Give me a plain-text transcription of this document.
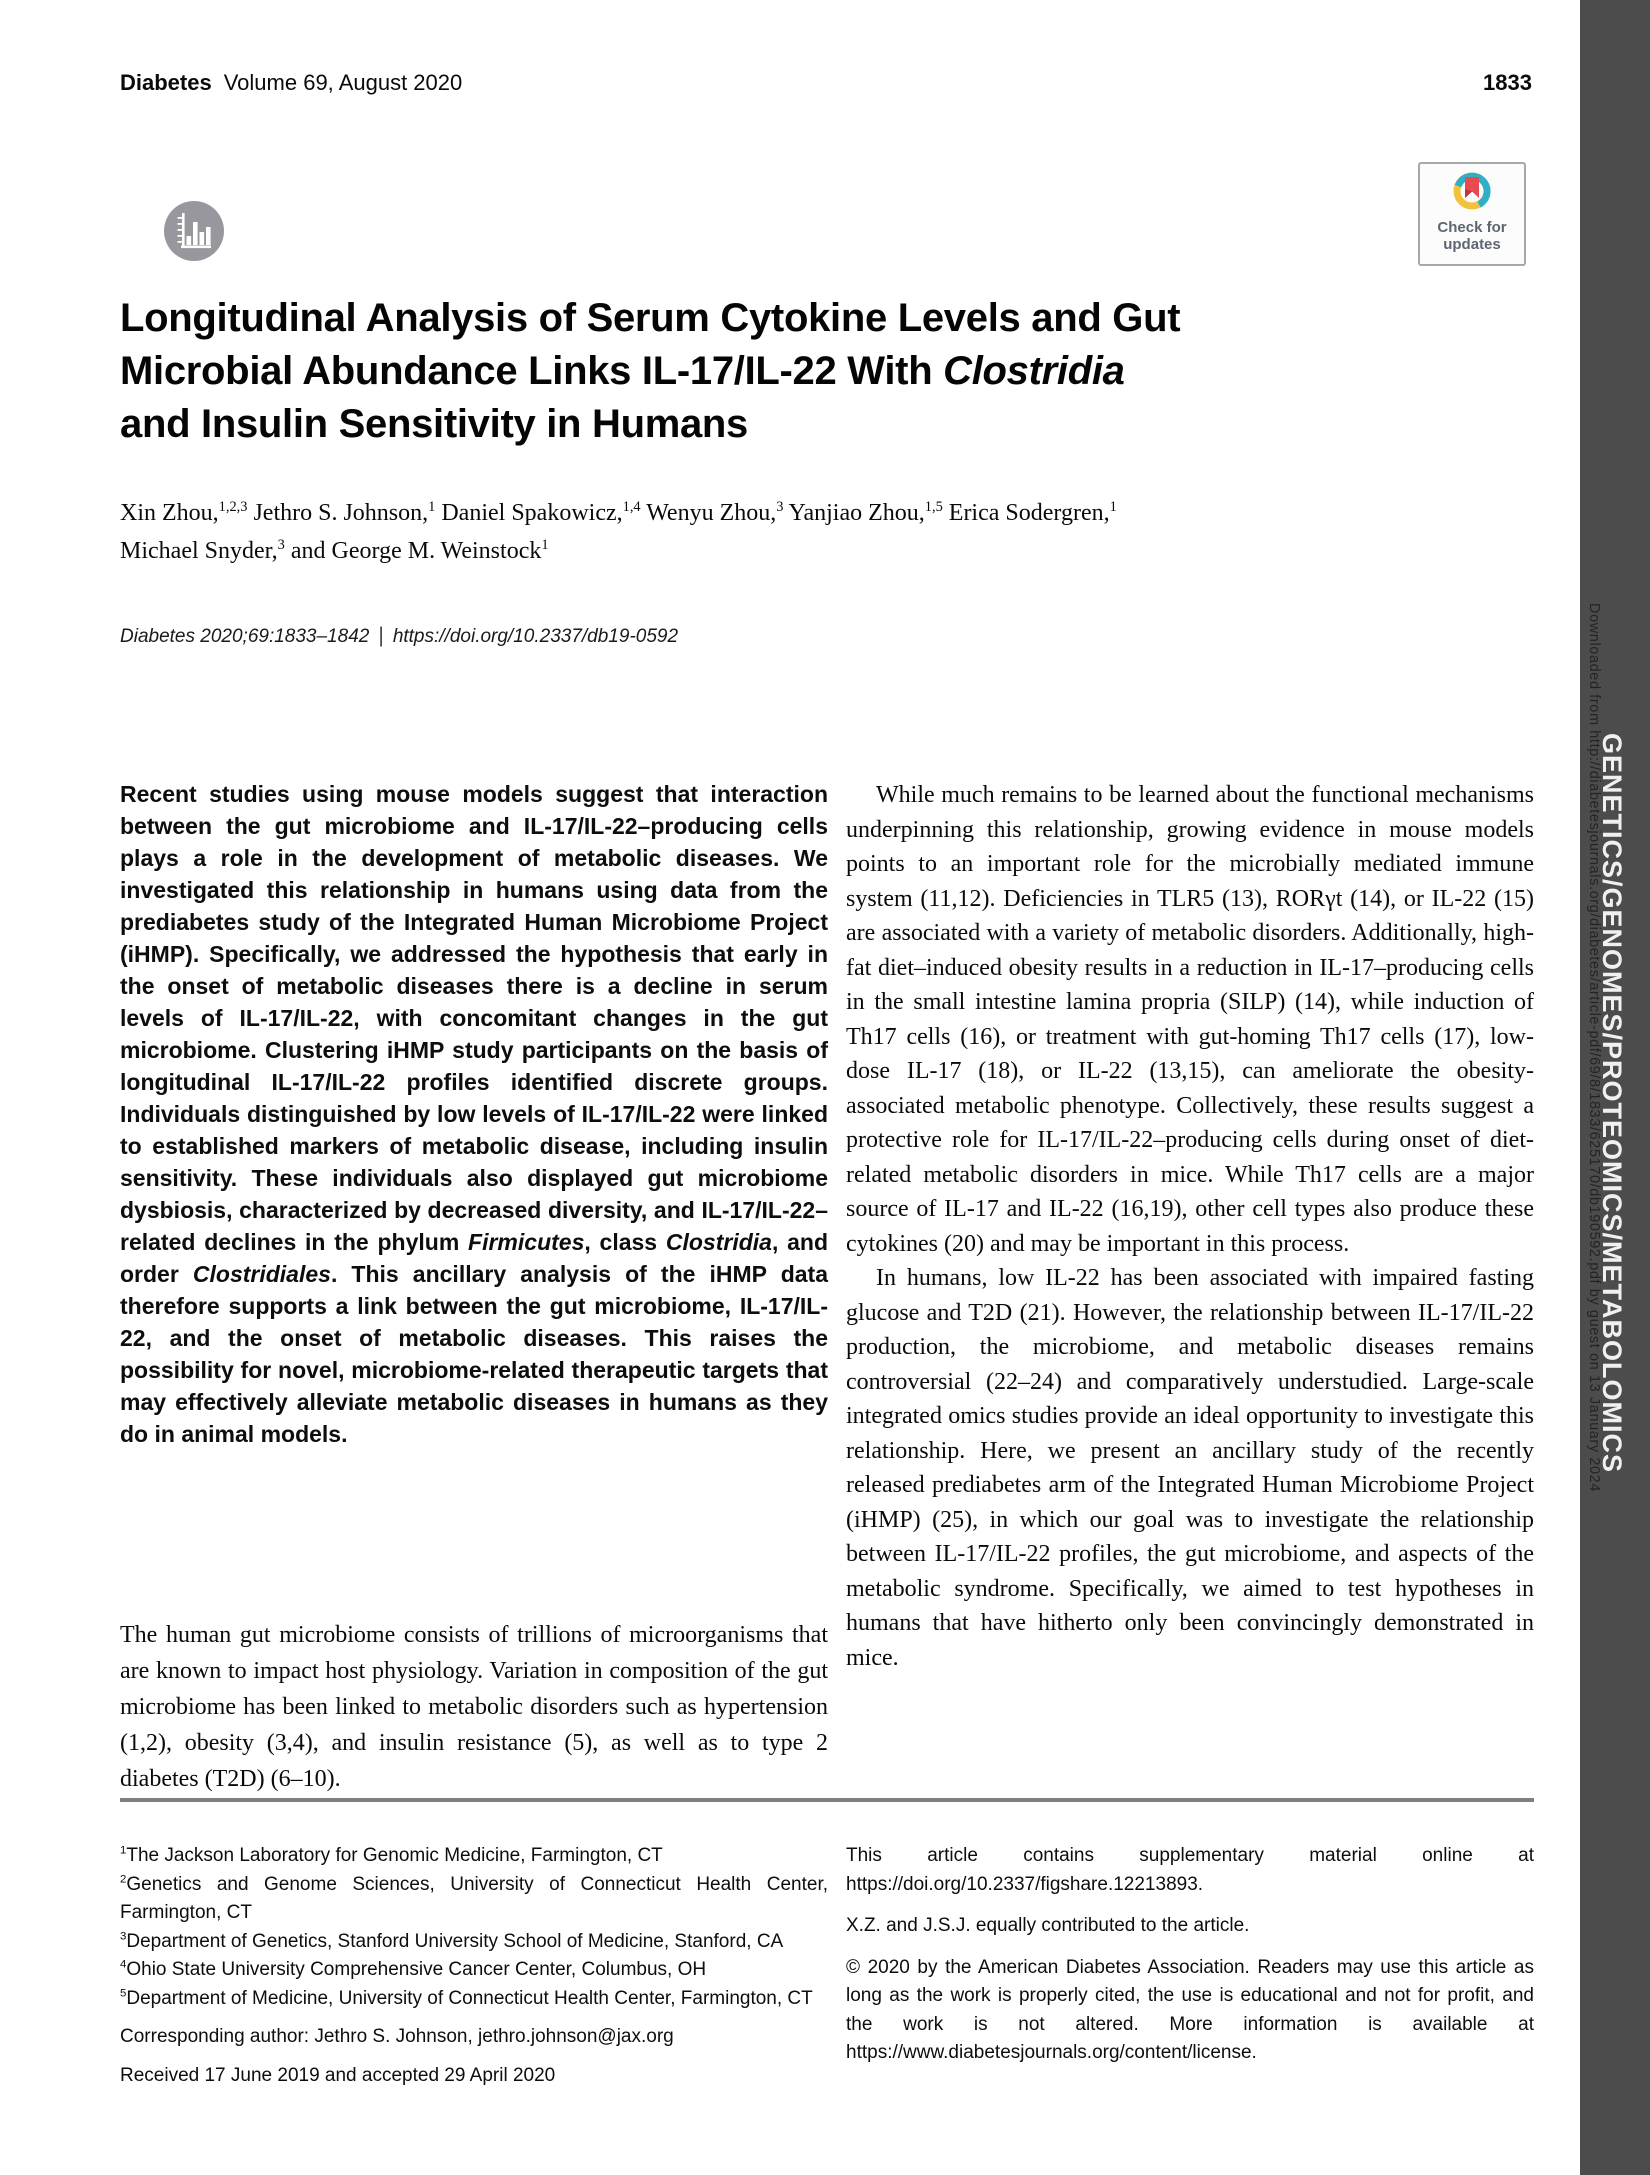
Diabetes Volume 69, August 2020	1833
Check for
updates
Longitudinal Analysis of Serum Cytokine Levels and Gut
Microbial Abundance Links IL-17/IL-22 With Clostridia
and Insulin Sensitivity in Humans
Xin Zhou,$^{1,2,3}$ Jethro S. Johnson,$^1$ Daniel Spakowicz,$^{1,4}$ Wenyu Zhou,$^3$ Yanjiao Zhou,$^{1,5}$ Erica Sodergren,$^1$
Michael Snyder,$^3$ and George M. Weinstock$^1$
Diabetes 2020;69:1833–1842 | https://doi.org/10.2337/db19-0592
Recent studies using mouse models suggest that interaction between the gut microbiome and IL-17/IL-22–producing cells plays a role in the development of metabolic diseases. We investigated this relationship in humans using data from the prediabetes study of the Integrated Human Microbiome Project (iHMP). Specifically, we addressed the hypothesis that early in the onset of metabolic diseases there is a decline in serum levels of IL-17/IL-22, with concomitant changes in the gut microbiome. Clustering iHMP study participants on the basis of longitudinal IL-17/IL-22 profiles identified discrete groups. Individuals distinguished by low levels of IL-17/IL-22 were linked to established markers of metabolic disease, including insulin sensitivity. These individuals also displayed gut microbiome dysbiosis, characterized by decreased diversity, and IL-17/IL-22–related declines in the phylum Firmicutes, class Clostridia, and order Clostridiales. This ancillary analysis of the iHMP data therefore supports a link between the gut microbiome, IL-17/IL-22, and the onset of metabolic diseases. This raises the possibility for novel, microbiome-related therapeutic targets that may effectively alleviate metabolic diseases in humans as they do in animal models.
The human gut microbiome consists of trillions of microorganisms that are known to impact host physiology. Variation in composition of the gut microbiome has been linked to metabolic disorders such as hypertension (1,2), obesity (3,4), and insulin resistance (5), as well as to type 2 diabetes (T2D) (6–10).

While much remains to be learned about the functional mechanisms underpinning this relationship, growing evidence in mouse models points to an important role for the microbially mediated immune system (11,12). Deficiencies in TLR5 (13), RORγt (14), or IL-22 (15) are associated with a variety of metabolic disorders. Additionally, high-fat diet–induced obesity results in a reduction in IL-17–producing cells in the small intestine lamina propria (SILP) (14), while induction of Th17 cells (16), or treatment with gut-homing Th17 cells (17), low-dose IL-17 (18), or IL-22 (13,15), can ameliorate the obesity-associated metabolic phenotype. Collectively, these results suggest a protective role for IL-17/IL-22–producing cells during onset of diet-related metabolic disorders in mice. While Th17 cells are a major source of IL-17 and IL-22 (16,19), other cell types also produce these cytokines (20) and may be important in this process.

In humans, low IL-22 has been associated with impaired fasting glucose and T2D (21). However, the relationship between IL-17/IL-22 production, the microbiome, and metabolic diseases remains controversial (22–24) and comparatively understudied. Large-scale integrated omics studies provide an ideal opportunity to investigate this relationship. Here, we present an ancillary study of the recently released prediabetes arm of the Integrated Human Microbiome Project (iHMP) (25), in which our goal was to investigate the relationship between IL-17/IL-22 profiles, the gut microbiome, and aspects of the metabolic syndrome. Specifically, we aimed to test hypotheses in humans that have hitherto only been convincingly demonstrated in mice.

$^1$The Jackson Laboratory for Genomic Medicine, Farmington, CT
$^2$Genetics and Genome Sciences, University of Connecticut Health Center, Farmington, CT
$^3$Department of Genetics, Stanford University School of Medicine, Stanford, CA
$^4$Ohio State University Comprehensive Cancer Center, Columbus, OH
$^5$Department of Medicine, University of Connecticut Health Center, Farmington, CT
Corresponding author: Jethro S. Johnson, jethro.johnson@jax.org
Received 17 June 2019 and accepted 29 April 2020

This article contains supplementary material online at https://doi.org/10.2337/figshare.12213893.

X.Z. and J.S.J. equally contributed to the article.

© 2020 by the American Diabetes Association. Readers may use this article as long as the work is properly cited, the use is educational and not for profit, and the work is not altered. More information is available at https://www.diabetesjournals.org/content/license.

Downloaded from http://diabetesjournals.org/diabetes/article-pdf/69/8/1833/625170/db190592.pdf by guest on 13 January 2024
GENETICS/GENOMES/PROTEOMICS/METABOLOMICS
